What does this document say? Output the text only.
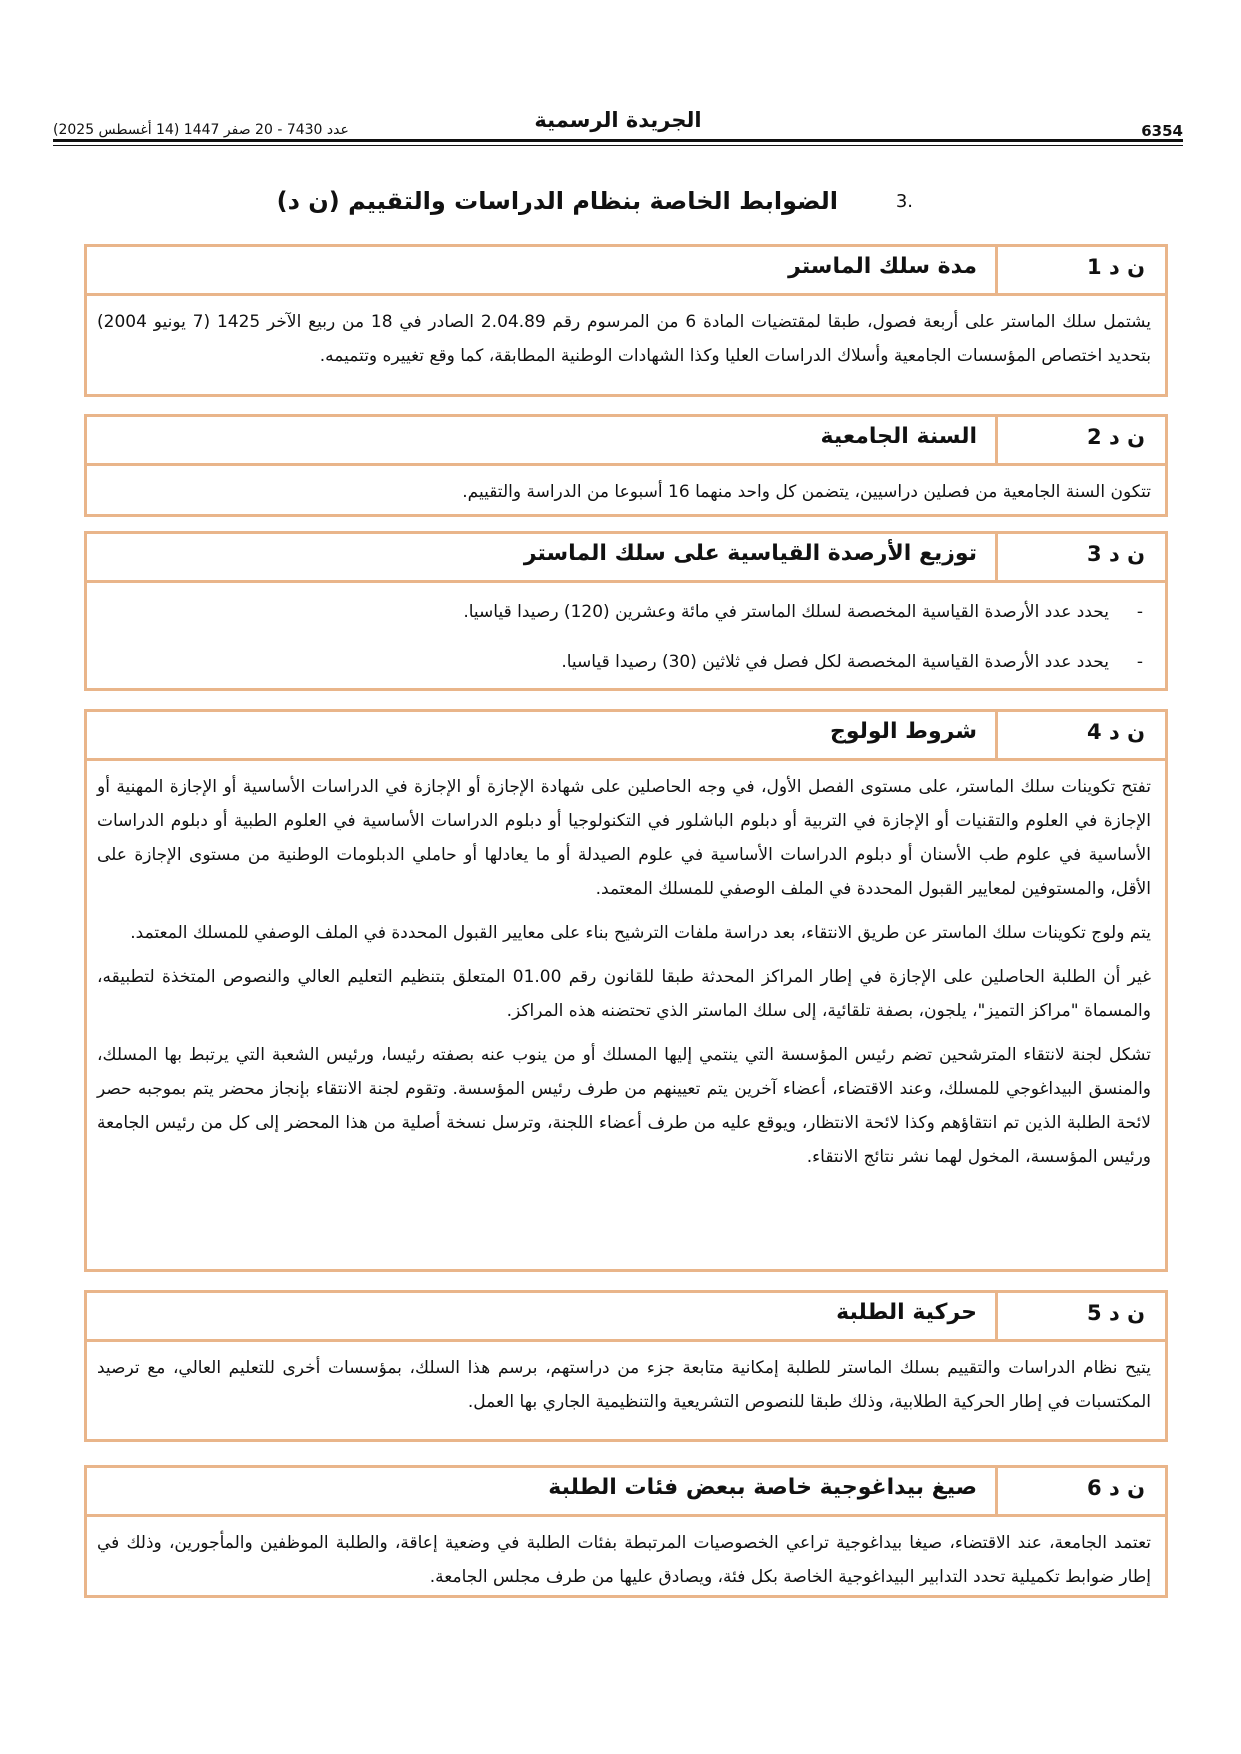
6354
الجريدة الرسمية
عدد 7430 - 20 صفر 1447 (14 أغسطس 2025)
3.
الضوابط الخاصة بنظام الدراسات والتقييم (ن د)
ن د 1
مدة سلك الماستر

يشتمل سلك الماستر على أربعة فصول، طبقا لمقتضيات المادة 6 من المرسوم رقم 2.04.89 الصادر في 18 من ربيع الآخر 1425 (7 يونيو 2004) بتحديد اختصاص المؤسسات الجامعية وأسلاك الدراسات العليا وكذا الشهادات الوطنية المطابقة، كما وقع تغييره وتتميمه.

ن د 2
السنة الجامعية

تتكون السنة الجامعية من فصلين دراسيين، يتضمن كل واحد منهما 16 أسبوعا من الدراسة والتقييم.

ن د 3
توزيع الأرصدة القياسية على سلك الماستر
- يحدد عدد الأرصدة القياسية المخصصة لسلك الماستر في مائة وعشرين (120) رصيدا قياسيا.
- يحدد عدد الأرصدة القياسية المخصصة لكل فصل في ثلاثين (30) رصيدا قياسيا.
ن د 4
شروط الولوج

تفتح تكوينات سلك الماستر، على مستوى الفصل الأول، في وجه الحاصلين على شهادة الإجازة أو الإجازة في الدراسات الأساسية أو الإجازة المهنية أو الإجازة في العلوم والتقنيات أو الإجازة في التربية أو دبلوم الباشلور في التكنولوجيا أو دبلوم الدراسات الأساسية في العلوم الطبية أو دبلوم الدراسات الأساسية في علوم طب الأسنان أو دبلوم الدراسات الأساسية في علوم الصيدلة أو ما يعادلها أو حاملي الدبلومات الوطنية من مستوى الإجازة على الأقل، والمستوفين لمعايير القبول المحددة في الملف الوصفي للمسلك المعتمد.

يتم ولوج تكوينات سلك الماستر عن طريق الانتقاء، بعد دراسة ملفات الترشيح بناء على معايير القبول المحددة في الملف الوصفي للمسلك المعتمد.

غير أن الطلبة الحاصلين على الإجازة في إطار المراكز المحدثة طبقا للقانون رقم 01.00 المتعلق بتنظيم التعليم العالي والنصوص المتخذة لتطبيقه، والمسماة "مراكز التميز"، يلجون، بصفة تلقائية، إلى سلك الماستر الذي تحتضنه هذه المراكز.

تشكل لجنة لانتقاء المترشحين تضم رئيس المؤسسة التي ينتمي إليها المسلك أو من ينوب عنه بصفته رئيسا، ورئيس الشعبة التي يرتبط بها المسلك، والمنسق البيداغوجي للمسلك، وعند الاقتضاء، أعضاء آخرين يتم تعيينهم من طرف رئيس المؤسسة. وتقوم لجنة الانتقاء بإنجاز محضر يتم بموجبه حصر لائحة الطلبة الذين تم انتقاؤهم وكذا لائحة الانتظار، ويوقع عليه من طرف أعضاء اللجنة، وترسل نسخة أصلية من هذا المحضر إلى كل من رئيس الجامعة ورئيس المؤسسة، المخول لهما نشر نتائج الانتقاء.

ن د 5
حركية الطلبة

يتيح نظام الدراسات والتقييم بسلك الماستر للطلبة إمكانية متابعة جزء من دراستهم، برسم هذا السلك، بمؤسسات أخرى للتعليم العالي، مع ترصيد المكتسبات في إطار الحركية الطلابية، وذلك طبقا للنصوص التشريعية والتنظيمية الجاري بها العمل.

ن د 6
صيغ بيداغوجية خاصة ببعض فئات الطلبة

تعتمد الجامعة، عند الاقتضاء، صيغا بيداغوجية تراعي الخصوصيات المرتبطة بفئات الطلبة في وضعية إعاقة، والطلبة الموظفين والمأجورين، وذلك في إطار ضوابط تكميلية تحدد التدابير البيداغوجية الخاصة بكل فئة، ويصادق عليها من طرف مجلس الجامعة.
